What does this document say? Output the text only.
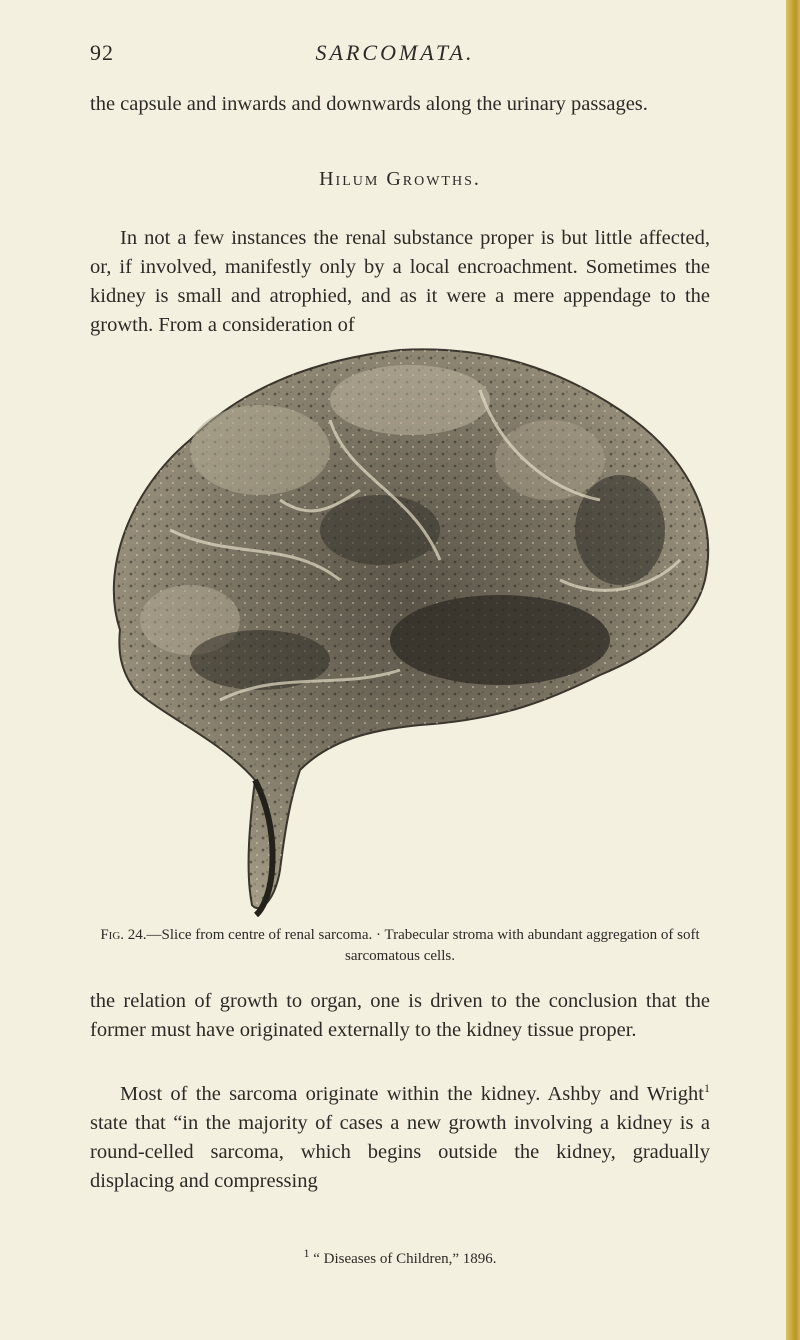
92	SARCOMATA.

the capsule and inwards and downwards along the urinary passages.

Hilum Growths.

In not a few instances the renal substance proper is but little affected, or, if involved, manifestly only by a local encroachment. Sometimes the kidney is small and atrophied, and as it were a mere appendage to the growth. From a consideration of

Fig. 24.—Slice from centre of renal sarcoma. · Trabecular stroma with abundant aggregation of soft sarcomatous cells.

the relation of growth to organ, one is driven to the conclusion that the former must have originated externally to the kidney tissue proper.

Most of the sarcoma originate within the kidney. Ashby and Wright$^1$ state that “in the majority of cases a new growth involving a kidney is a round-celled sarcoma, which begins outside the kidney, gradually displacing and compressing

$^1$ “ Diseases of Children,” 1896.
